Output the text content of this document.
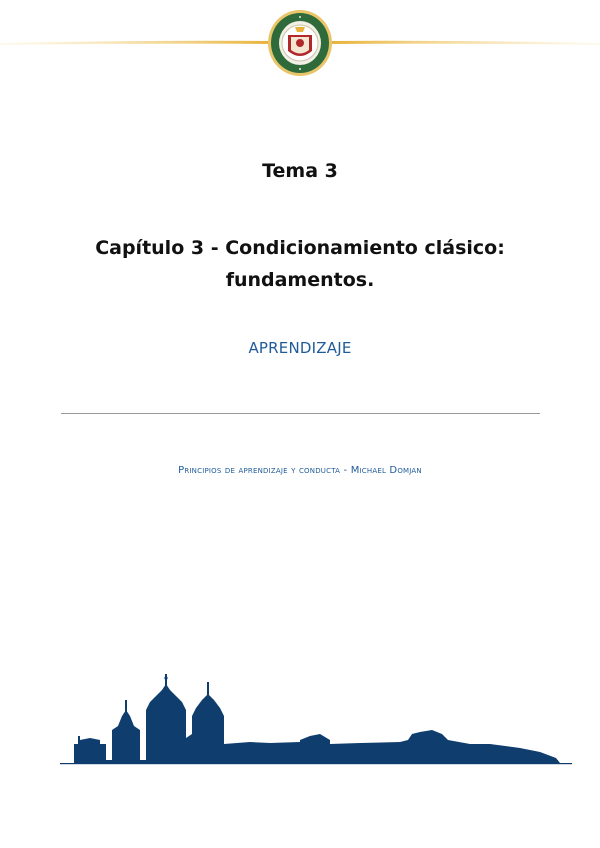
Tema 3
Capítulo 3 - Condicionamiento clásico:
fundamentos.
APRENDIZAJE
Principios de aprendizaje y conducta - Michael Domjan
